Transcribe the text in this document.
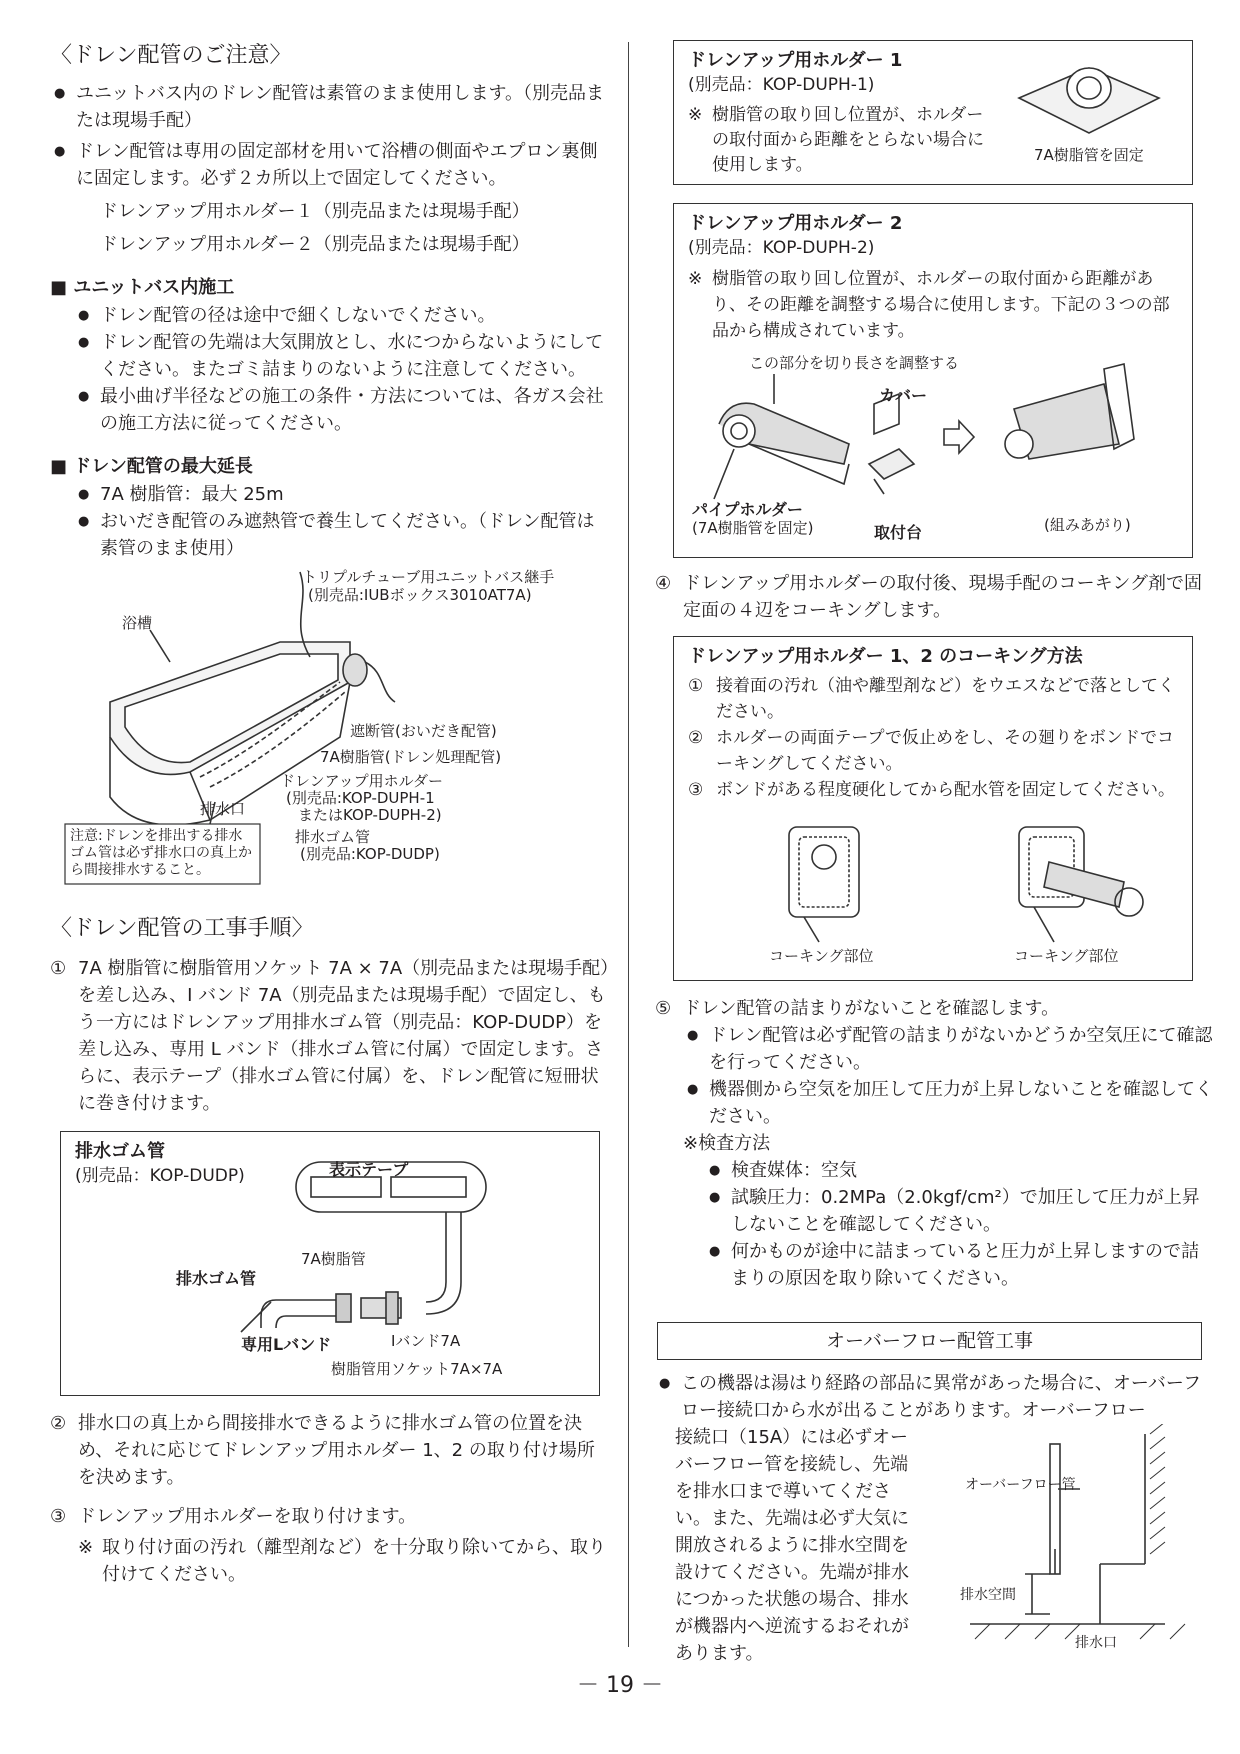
〈ドレン配管のご注意〉

● ユニットバス内のドレン配管は素管のまま使用します。（別売品または現場手配）
● ドレン配管は専用の固定部材を用いて浴槽の側面やエプロン裏側に固定します。必ず２カ所以上で固定してください。
ドレンアップ用ホルダー１（別売品または現場手配）
ドレンアップ用ホルダー２（別売品または現場手配）
■ ユニットバス内施工
● ドレン配管の径は途中で細くしないでください。
● ドレン配管の先端は大気開放とし、水につからないようにしてください。またゴミ詰まりのないように注意してください。
● 最小曲げ半径などの施工の条件・方法については、各ガス会社の施工方法に従ってください。
■ ドレン配管の最大延長
● 7A 樹脂管：最大 25m
● おいだき配管のみ遮熱管で養生してください。（ドレン配管は素管のまま使用）
トリプルチューブ用ユニットバス継手
(別売品:IUBボックス3010AT7A)
浴槽
遮断管(おいだき配管)
7A樹脂管(ドレン処理配管)
ドレンアップ用ホルダー
(別売品:KOP-DUPH-1
またはKOP-DUPH-2)
排水口
排水ゴム管
(別売品:KOP-DUDP)
注意:ドレンを排出する排水ゴム管は必ず排水口の真上から間接排水すること。

〈ドレン配管の工事手順〉

① 7A 樹脂管に樹脂管用ソケット 7A × 7A（別売品または現場手配）を差し込み、I バンド 7A（別売品または現場手配）で固定し、もう一方にはドレンアップ用排水ゴム管（別売品：KOP-DUDP）を差し込み、専用 L バンド（排水ゴム管に付属）で固定します。さらに、表示テープ（排水ゴム管に付属）を、ドレン配管に短冊状に巻き付けます。
排水ゴム管
(別売品：KOP-DUDP)	表示テープ
7A樹脂管
排水ゴム管
専用Lバンド	Iバンド7A
樹脂管用ソケット7A×7A
② 排水口の真上から間接排水できるように排水ゴム管の位置を決め、それに応じてドレンアップ用ホルダー 1、2 の取り付け場所を決めます。
③ ドレンアップ用ホルダーを取り付けます。
※ 取り付け面の汚れ（離型剤など）を十分取り除いてから、取り付けてください。
ドレンアップ用ホルダー 1
(別売品：KOP-DUPH-1)
※ 樹脂管の取り回し位置が、ホルダーの取付面から距離をとらない場合に使用します。	7A樹脂管を固定
ドレンアップ用ホルダー 2
(別売品：KOP-DUPH-2)
※ 樹脂管の取り回し位置が、ホルダーの取付面から距離があり、その距離を調整する場合に使用します。下記の３つの部品から構成されています。
この部分を切り長さを調整する
カバー
パイプホルダー
(7A樹脂管を固定)	取付台	(組みあがり)
④ ドレンアップ用ホルダーの取付後、現場手配のコーキング剤で固定面の４辺をコーキングします。
ドレンアップ用ホルダー 1、2 のコーキング方法
① 接着面の汚れ（油や離型剤など）をウエスなどで落としてください。
② ホルダーの両面テープで仮止めをし、その廻りをボンドでコーキングしてください。
③ ボンドがある程度硬化してから配水管を固定してください。
コーキング部位	コーキング部位
⑤ ドレン配管の詰まりがないことを確認します。
● ドレン配管は必ず配管の詰まりがないかどうか空気圧にて確認を行ってください。
● 機器側から空気を加圧して圧力が上昇しないことを確認してください。
※検査方法
● 検査媒体：空気
● 試験圧力：0.2MPa（2.0kgf/cm²）で加圧して圧力が上昇しないことを確認してください。
● 何かものが途中に詰まっていると圧力が上昇しますので詰まりの原因を取り除いてください。
オーバーフロー配管工事
● この機器は湯はり経路の部品に異常があった場合に、オーバーフロー接続口から水が出ることがあります。オーバーフロー
接続口（15A）には必ずオーバーフロー管を接続し、先端を排水口まで導いてください。また、先端は必ず大気に開放されるように排水空間を設けてください。先端が排水につかった状態の場合、排水が機器内へ逆流するおそれがあります。
オーバーフロー管
排水空間
排水口
－ 19 －
